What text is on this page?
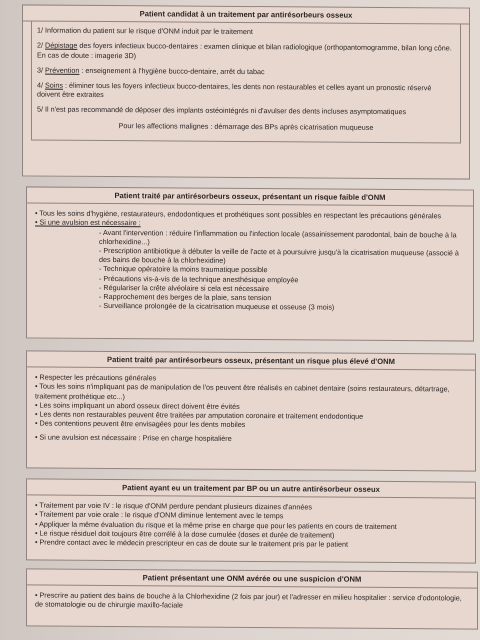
Patient candidat à un traitement par antirésorbeurs osseux

1/ Information du patient sur le risque d'ONM induit par le traitement

2/ Dépistage des foyers infectieux bucco-dentaires : examen clinique et bilan radiologique (orthopantomogramme, bilan long cône. En cas de doute : imagerie 3D)

3/ Prévention : enseignement à l'hygiène bucco-dentaire, arrêt du tabac

4/ Soins : éliminer tous les foyers infectieux bucco-dentaires, les dents non restaurables et celles ayant un pronostic réservé doivent être extraites

5/ Il n'est pas recommandé de déposer des implants ostéointégrés ni d'avulser des dents incluses asymptomatiques

Pour les affections malignes : démarrage des BPs après cicatrisation muqueuse

Patient traité par antirésorbeurs osseux, présentant un risque faible d'ONM
• Tous les soins d'hygiène, restaurateurs, endodontiques et prothétiques sont possibles en respectant les précautions générales
• Si une avulsion est nécessaire :
- Avant l'intervention : réduire l'inflammation ou l'infection locale (assainissement parodontal, bain de bouche à la chlorhexidine...)
- Prescription antibiotique à débuter la veille de l'acte et à poursuivre jusqu'à la cicatrisation muqueuse (associé à des bains de bouche à la chlorhexidine)
- Technique opératoire la moins traumatique possible
- Précautions vis-à-vis de la technique anesthésique employée
- Régulariser la crête alvéolaire si cela est nécessaire
- Rapprochement des berges de la plaie, sans tension
- Surveillance prolongée de la cicatrisation muqueuse et osseuse (3 mois)
Patient traité par antirésorbeurs osseux, présentant un risque plus élevé d'ONM
• Respecter les précautions générales
• Tous les soins n'impliquant pas de manipulation de l'os peuvent être réalisés en cabinet dentaire (soins restaurateurs, détartrage, traitement prothétique etc...)
• Les soins impliquant un abord osseux direct doivent être évités
• Les dents non restaurables peuvent être traitées par amputation coronaire et traitement endodontique
• Des contentions peuvent être envisagées pour les dents mobiles
• Si une avulsion est nécessaire : Prise en charge hospitalière
Patient ayant eu un traitement par BP ou un autre antirésorbeur osseux
• Traitement par voie IV : le risque d'ONM perdure pendant plusieurs dizaines d'années
• Traitement par voie orale : le risque d'ONM diminue lentement avec le temps
• Appliquer la même évaluation du risque et la même prise en charge que pour les patients en cours de traitement
• Le risque résiduel doit toujours être corrélé à la dose cumulée (doses et durée de traitement)
• Prendre contact avec le médecin prescripteur en cas de doute sur le traitement pris par le patient
Patient présentant une ONM avérée ou une suspicion d'ONM
• Prescrire au patient des bains de bouche à la Chlorhexidine (2 fois par jour) et l'adresser en milieu hospitalier : service d'odontologie, de stomatologie ou de chirurgie maxillo-faciale
